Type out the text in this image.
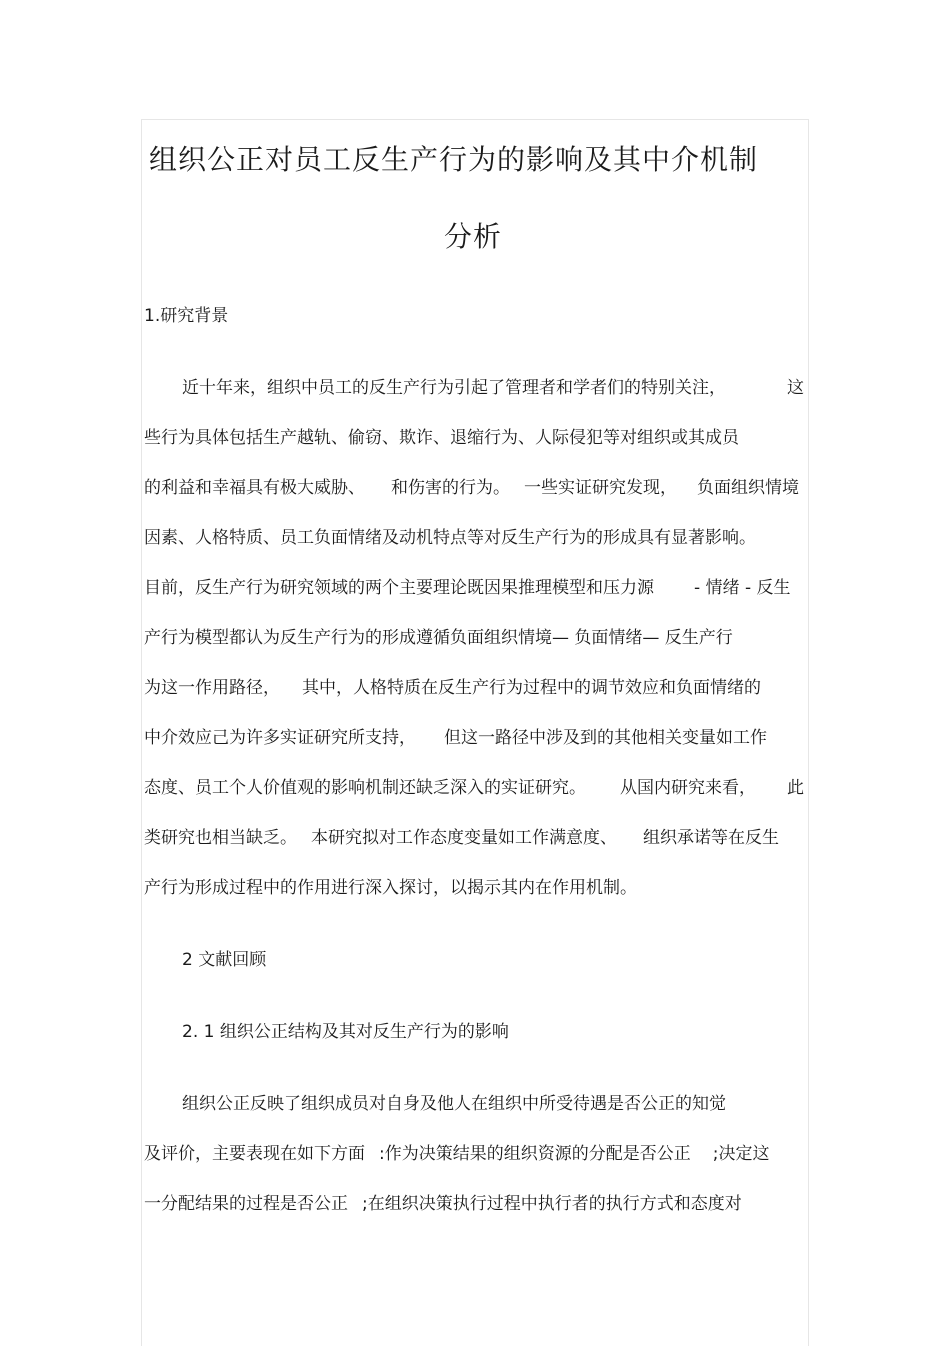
组织公正对员工反生产行为的影响及其中介机制
分析
1.研究背景
近十年来，组织中员工的反生产行为引起了管理者和学者们的特别关注，	这
些行为具体包括生产越轨、偷窃、欺诈、退缩行为、人际侵犯等对组织或其成员
的利益和幸福具有极大威胁、 和伤害的行为。 一些实证研究发现， 负面组织情境
因素、人格特质、员工负面情绪及动机特点等对反生产行为的形成具有显著影响。
目前，反生产行为研究领域的两个主要理论既因果推理模型和压力源 - 情绪 - 反生
产行为模型都认为反生产行为的形成遵循负面组织情境— 负面情绪— 反生产行
为这一作用路径， 其中，人格特质在反生产行为过程中的调节效应和负面情绪的
中介效应己为许多实证研究所支持， 但这一路径中涉及到的其他相关变量如工作
态度、员工个人价值观的影响机制还缺乏深入的实证研究。 从国内研究来看， 此
类研究也相当缺乏。 本研究拟对工作态度变量如工作满意度、 组织承诺等在反生
产行为形成过程中的作用进行深入探讨，以揭示其内在作用机制。
2 文献回顾
2. 1 组织公正结构及其对反生产行为的影响
组织公正反映了组织成员对自身及他人在组织中所受待遇是否公正的知觉
及评价，主要表现在如下方面 :作为决策结果的组织资源的分配是否公正 ;决定这
一分配结果的过程是否公正 ;在组织决策执行过程中执行者的执行方式和态度对
